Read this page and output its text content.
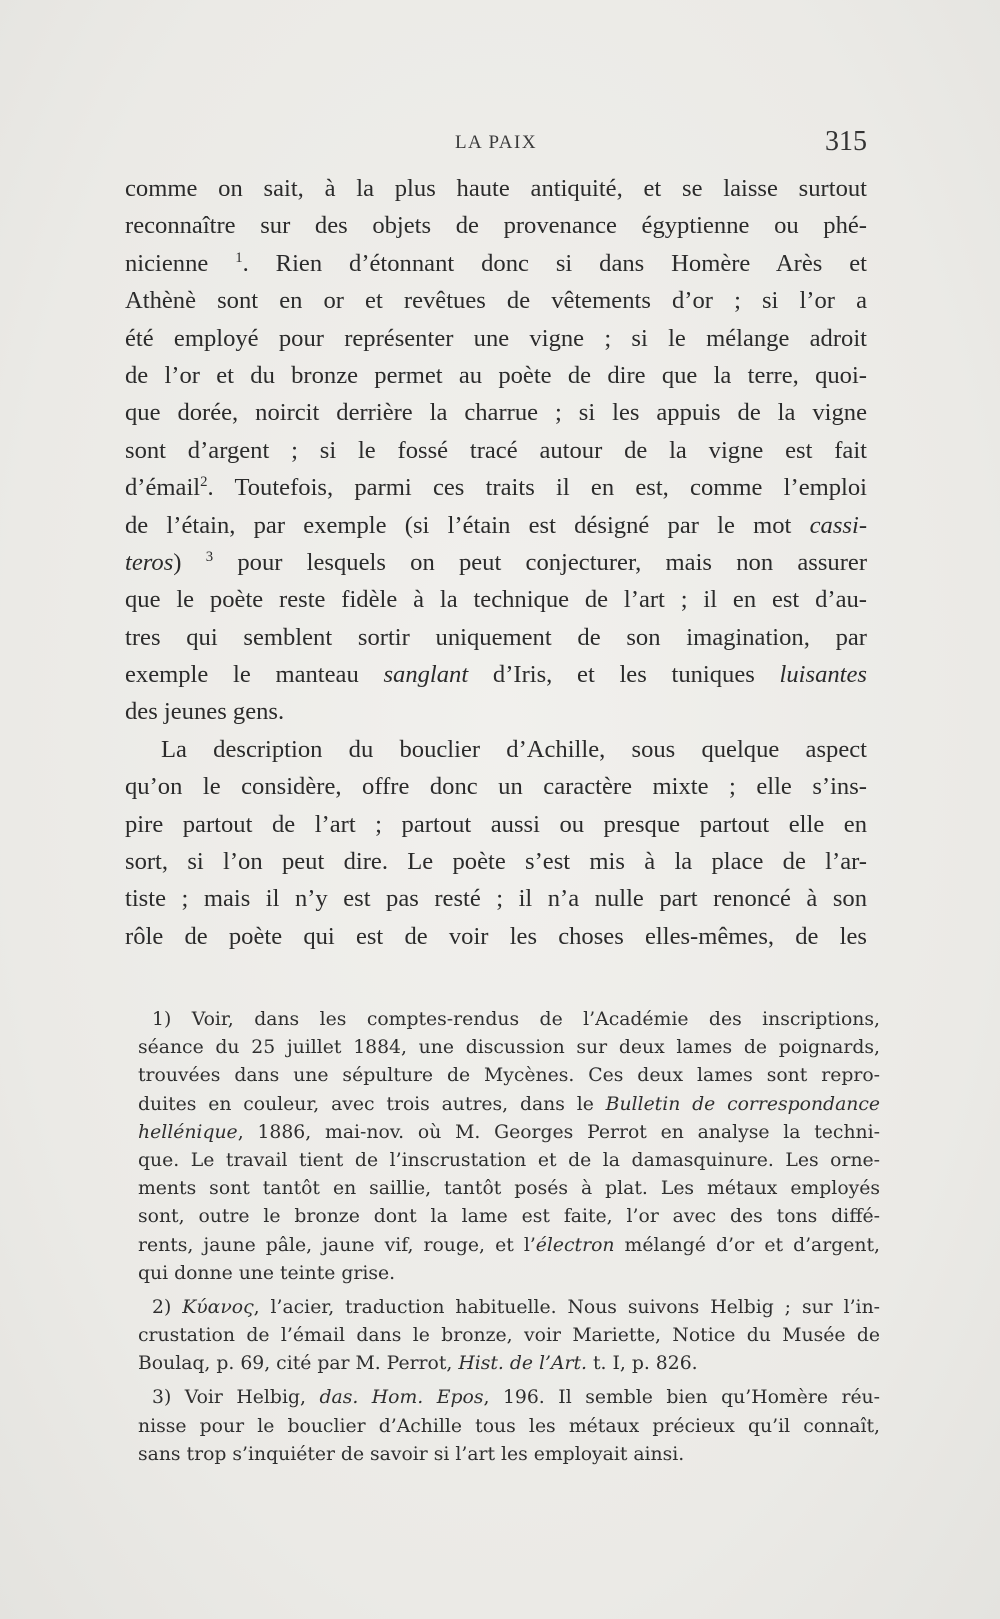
LA PAIX	315
comme on sait, à la plus haute antiquité, et se laisse surtout
reconnaître sur des objets de provenance égyptienne ou phé-
nicienne $^1$. Rien d’étonnant donc si dans Homère Arès et
Athènè sont en or et revêtues de vêtements d’or ; si l’or a
été employé pour représenter une vigne ; si le mélange adroit
de l’or et du bronze permet au poète de dire que la terre, quoi-
que dorée, noircit derrière la charrue ; si les appuis de la vigne
sont d’argent ; si le fossé tracé autour de la vigne est fait
d’émail$^2$. Toutefois, parmi ces traits il en est, comme l’emploi
de l’étain, par exemple (si l’étain est désigné par le mot cassi-
teros) $^3$ pour lesquels on peut conjecturer, mais non assurer
que le poète reste fidèle à la technique de l’art ; il en est d’au-
tres qui semblent sortir uniquement de son imagination, par
exemple le manteau sanglant d’Iris, et les tuniques luisantes
des jeunes gens.
La description du bouclier d’Achille, sous quelque aspect
qu’on le considère, offre donc un caractère mixte ; elle s’ins-
pire partout de l’art ; partout aussi ou presque partout elle en
sort, si l’on peut dire. Le poète s’est mis à la place de l’ar-
tiste ; mais il n’y est pas resté ; il n’a nulle part renoncé à son
rôle de poète qui est de voir les choses elles-mêmes, de les
1) Voir, dans les comptes-rendus de l’Académie des inscriptions,
séance du 25 juillet 1884, une discussion sur deux lames de poignards,
trouvées dans une sépulture de Mycènes. Ces deux lames sont repro-
duites en couleur, avec trois autres, dans le Bulletin de correspondance
hellénique, 1886, mai-nov. où M. Georges Perrot en analyse la techni-
que. Le travail tient de l’inscrustation et de la damasquinure. Les orne-
ments sont tantôt en saillie, tantôt posés à plat. Les métaux employés
sont, outre le bronze dont la lame est faite, l’or avec des tons diffé-
rents, jaune pâle, jaune vif, rouge, et l’électron mélangé d’or et d’argent,
qui donne une teinte grise.
2) Κύανος, l’acier, traduction habituelle. Nous suivons Helbig ; sur l’in-
crustation de l’émail dans le bronze, voir Mariette, Notice du Musée de
Boulaq, p. 69, cité par M. Perrot, Hist. de l’Art. t. I, p. 826.
3) Voir Helbig, das. Hom. Epos, 196. Il semble bien qu’Homère réu-
nisse pour le bouclier d’Achille tous les métaux précieux qu’il connaît,
sans trop s’inquiéter de savoir si l’art les employait ainsi.
